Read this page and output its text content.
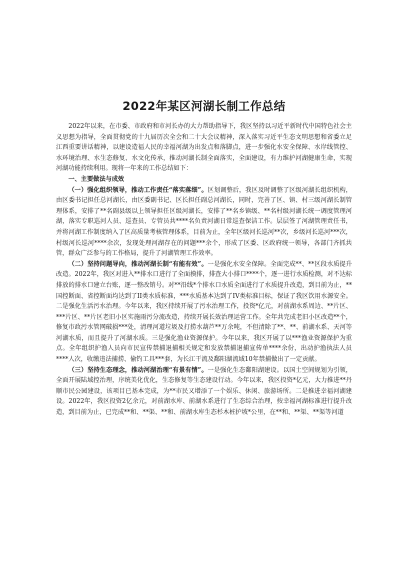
2022年某区河湖长制工作总结

2022年以来，在市委、市政府和市河长办的大力帮助指导下，我区坚持以习近平新时代中国特色社会主义思想为指导，全面贯彻党的十九届历次全会和二十大会议精神，深入落实习近平生态文明思想和省委立足江西重要讲话精神，以建设造福人民的幸福河湖为出发点和落脚点，进一步强化水安全保障、水岸线管控、水环境治理、水生态修复、水文化传承，推动河湖长制全面落实，全面建设，有力维护河湖健康生命，实现河湖功能持续利用。现将一年来的工作总结如下：

一、主要做法与成效

（一）强化组织领导，推动工作责任“落实落细”。区划调整后，我区及时调整了区级河湖长组织机构，由区委书记担任总河湖长，由区委副书记、区长担任副总河湖长，同时，完善了区、镇、村三级河湖长制管理体系，安排了**名副县级以上领导担任区级河湖长，安排了**名乡镇级、**名村级河湖长统一调度管理河湖，落实专职巡河人员、巡查员、专管员共****名负责河湖日常巡查保洁工作。层层签了河湖管理责任书，并将河湖工作制度纳入了区高质量考核管理体系，目前为止，全年区级河长巡河**次，乡级河长巡河***次，村级河长巡河****余次，发现处理河湖存在的问题***余个，形成了区委、区政府统一领导，各部门齐抓共管，群众广泛参与的工作格局，提升了河湖管理工作效率。

（二）坚持问题导向，推动河湖长制“有能有效”。一是强化水安全保障。全面完成**、**区段水质提升改造。2022年，我区对进入**排水口进行了全面摸排，排查大小排口****个，逐一进行水质检测，对不达标排放的排水口建立台账，逐一整改销号。对**沿线*个排水口水质全面进行了水质提升改造，到目前为止，**国控断面、省控断面均达到了II类水质标准，***水质基本达到了IV类标准目标，保证了我区饮用水源安全。二是强化生活污水治理。今年以来，我区持续开展了污水治理工作，投资*亿元，对前湖水系周边、**片区、***片区、**片区老旧小区实施雨污分流改造，持续开展长效治理运营工作。全年共完成老旧小区改造**个，修复市政污水管网破损***处，清理河道垃圾及打捞水葫芦**万余吨，不但清除了**、**、前湖水系、天河等河湖水质，而且提升了河湖水质。三是强化渔业资源保护。今年以来，我区开展了以***渔业资源保护为重点。全年组织护渔人员向市民宣传禁捕退捕相关规定和发放禁捕退捕宣传单****余份，出动护渔执法人员****人次，收缴违法捕捞、偷钓工具***套，为长江干流及鄱阳湖流域10年禁捕做出了一定贡献。

（三）坚持生态理念，推动河湖治理“有景有情”。一是强化生态鄱阳湖建设。以国土空间规划为引领，全面开展陆域控治理，序统美化优化，生态修复等生态建设行动。今年以来，我区投资*亿元，大力推进**丹顺市民公园建设，该项目已基本完成，为**市民又增添了一个娱乐、休闲、旅游场所。二是推进幸福河湖建设。2022年，我区投资2亿余元，对前湖水库、前湖水系进行了生态综合治理，按幸福河湖标准进行提升改造，到目前为止，已完成**和、**渠、**和、前湖水库生态杉木桩护坡*公里，在**和、**渠、**渠等河道
